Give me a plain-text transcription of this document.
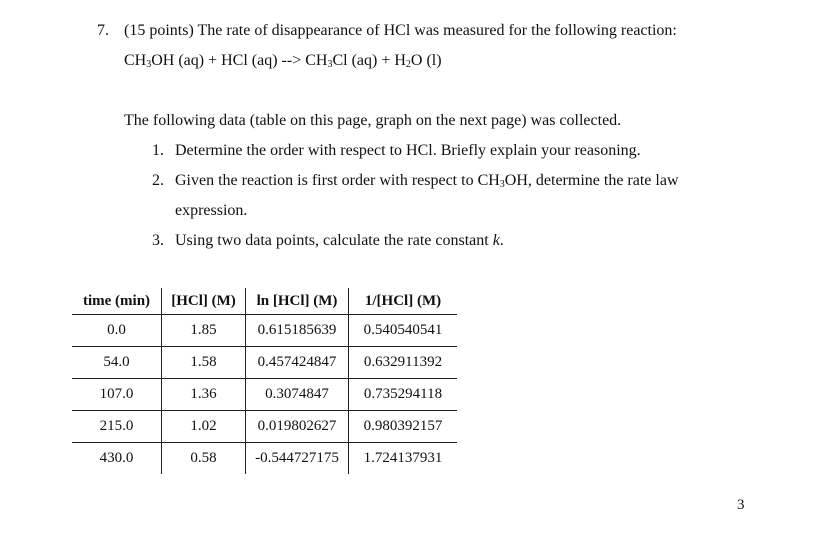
7. (15 points) The rate of disappearance of HCl was measured for the following reaction:
$CH_3OH$ (aq) + HCl (aq) --> $CH_3Cl$ $(aq) + H_2O$ (l)
The following data (table on this page, graph on the next page) was collected.
1. Determine the order with respect to HCl. Briefly explain your reasoning.
2. Given the reaction is first order with respect to $CH_3OH$, determine the rate law
expression.
3. Using two data points, calculate the rate constant k.
time (min)	[HCl] (M)	ln [HCl] (M)	1/[HCl] (M)
0.0	1.85	0.615185639	0.540540541
54.0	1.58	0.457424847	0.632911392
107.0	1.36	0.3074847	0.735294118
215.0	1.02	0.019802627	0.980392157
430.0	0.58	-0.544727175	1.724137931
3
